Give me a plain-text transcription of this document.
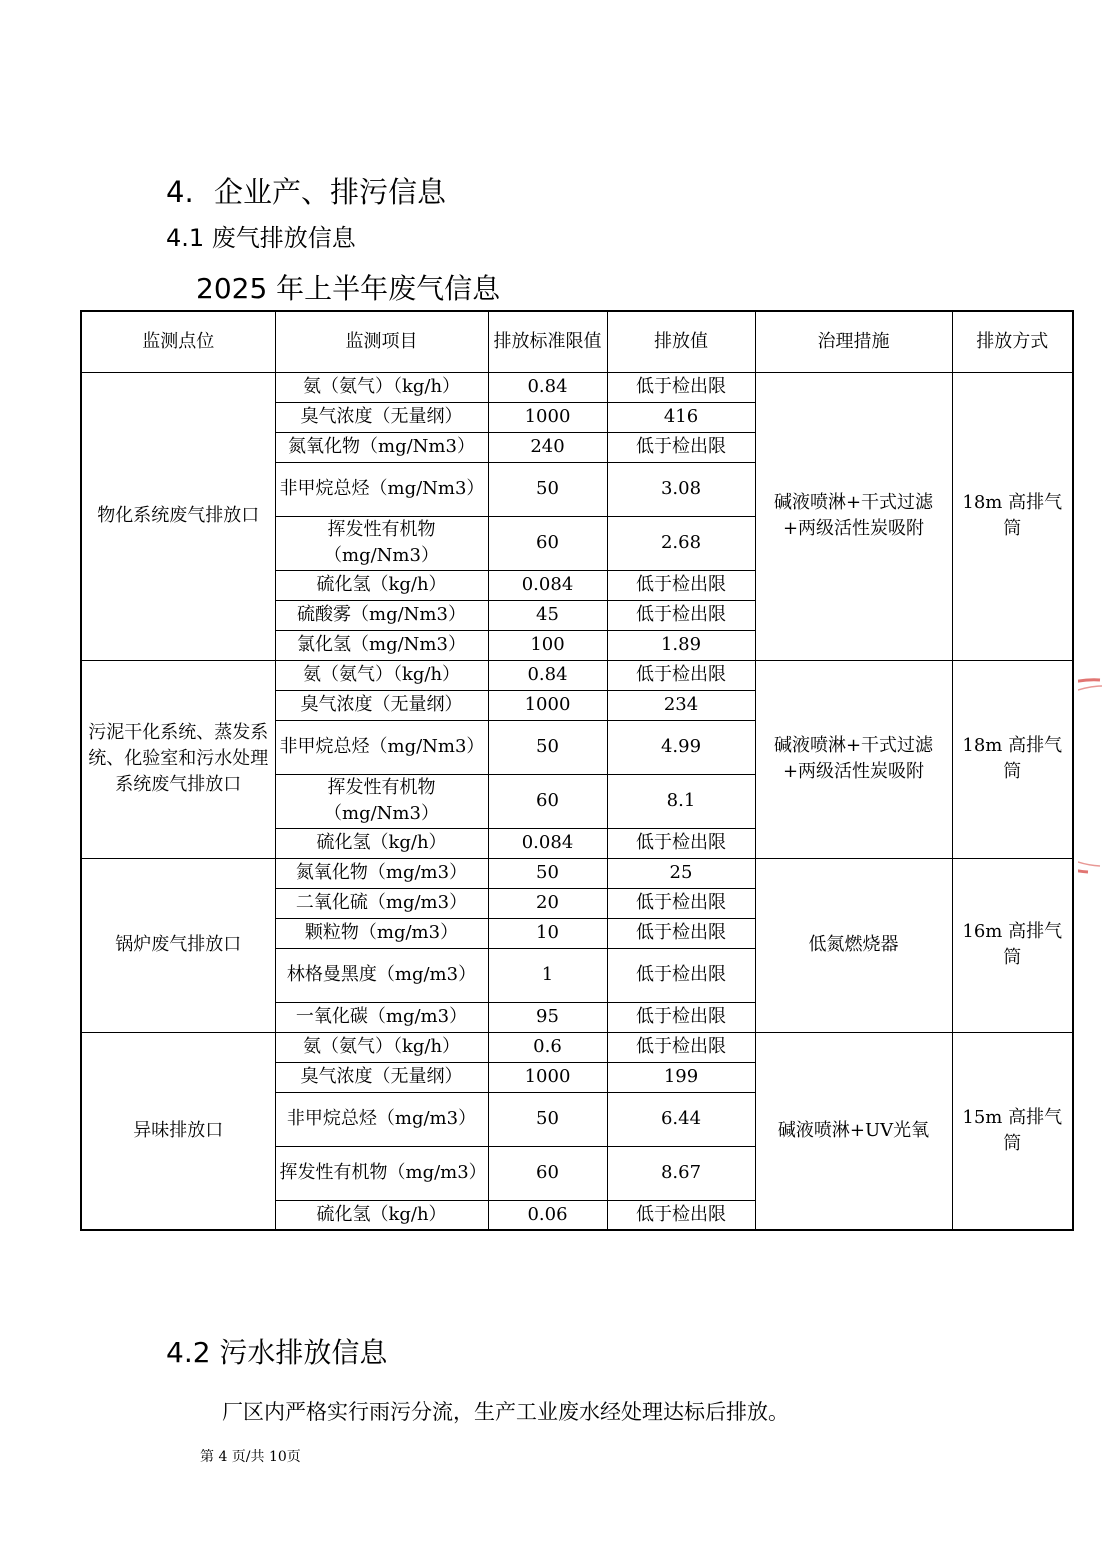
4. 企业产、排污信息
4.1 废气排放信息
2025 年上半年废气信息
监测点位	监测项目	排放标准限值	排放值	治理措施	排放方式
物化系统废气排放口	氨（氨气）（kg/h）	0.84	低于检出限	碱液喷淋+干式过滤+两级活性炭吸附	18m 高排气筒
	臭气浓度（无量纲）	1000	416		
	氮氧化物（mg/Nm3）	240	低于检出限		
	非甲烷总烃（mg/Nm3）	50	3.08		
	挥发性有机物（mg/Nm3）	60	2.68		
	硫化氢（kg/h）	0.084	低于检出限		
	硫酸雾（mg/Nm3）	45	低于检出限		
	氯化氢（mg/Nm3）	100	1.89		
污泥干化系统、蒸发系统、化验室和污水处理系统废气排放口	氨（氨气）（kg/h）	0.84	低于检出限	碱液喷淋+干式过滤+两级活性炭吸附	18m 高排气筒
	臭气浓度（无量纲）	1000	234		
	非甲烷总烃（mg/Nm3）	50	4.99		
	挥发性有机物（mg/Nm3）	60	8.1		
	硫化氢（kg/h）	0.084	低于检出限		
锅炉废气排放口	氮氧化物（mg/m3）	50	25	低氮燃烧器	16m 高排气筒
	二氧化硫（mg/m3）	20	低于检出限		
	颗粒物（mg/m3）	10	低于检出限		
	林格曼黑度（mg/m3）	1	低于检出限		
	一氧化碳（mg/m3）	95	低于检出限		
异味排放口	氨（氨气）（kg/h）	0.6	低于检出限	碱液喷淋+UV光氧	15m 高排气筒
	臭气浓度（无量纲）	1000	199		
	非甲烷总烃（mg/m3）	50	6.44		
	挥发性有机物（mg/m3）	60	8.67		
	硫化氢（kg/h）	0.06	低于检出限		
4.2 污水排放信息
厂区内严格实行雨污分流，生产工业废水经处理达标后排放。
第 4 页/共 10页
